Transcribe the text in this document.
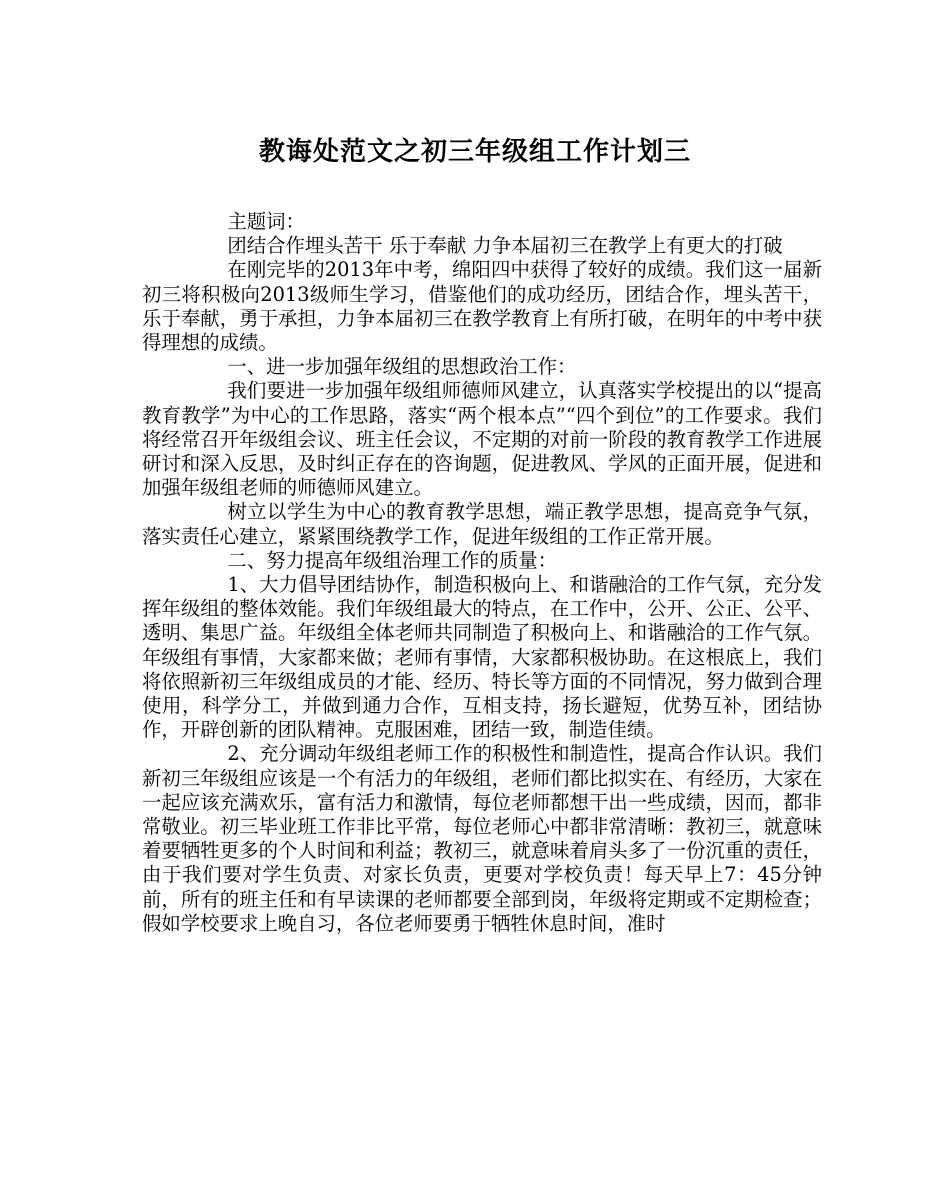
教诲处范文之初三年级组工作计划三

主题词：

团结合作埋头苦干 乐于奉献 力争本届初三在教学上有更大的打破

在刚完毕的2013年中考，绵阳四中获得了较好的成绩。我们这一届新初三将积极向2013级师生学习，借鉴他们的成功经历，团结合作，埋头苦干，乐于奉献，勇于承担，力争本届初三在教学教育上有所打破，在明年的中考中获得理想的成绩。

一、进一步加强年级组的思想政治工作：

我们要进一步加强年级组师德师风建立，认真落实学校提出的以“提高教育教学”为中心的工作思路，落实“两个根本点”“四个到位”的工作要求。我们将经常召开年级组会议、班主任会议，不定期的对前一阶段的教育教学工作进展研讨和深入反思，及时纠正存在的咨询题，促进教风、学风的正面开展，促进和加强年级组老师的师德师风建立。

树立以学生为中心的教育教学思想，端正教学思想，提高竞争气氛，落实责任心建立，紧紧围绕教学工作，促进年级组的工作正常开展。

二、努力提高年级组治理工作的质量：

1、大力倡导团结协作，制造积极向上、和谐融洽的工作气氛，充分发挥年级组的整体效能。我们年级组最大的特点，在工作中，公开、公正、公平、透明、集思广益。年级组全体老师共同制造了积极向上、和谐融洽的工作气氛。年级组有事情，大家都来做；老师有事情，大家都积极协助。在这根底上，我们将依照新初三年级组成员的才能、经历、特长等方面的不同情况，努力做到合理使用，科学分工，并做到通力合作，互相支持，扬长避短，优势互补，团结协作，开辟创新的团队精神。克服困难，团结一致，制造佳绩。

2、充分调动年级组老师工作的积极性和制造性，提高合作认识。我们新初三年级组应该是一个有活力的年级组，老师们都比拟实在、有经历，大家在一起应该充满欢乐，富有活力和激情，每位老师都想干出一些成绩，因而，都非常敬业。初三毕业班工作非比平常，每位老师心中都非常清晰：教初三，就意味着要牺牲更多的个人时间和利益；教初三，就意味着肩头多了一份沉重的责任，由于我们要对学生负责、对家长负责，更要对学校负责！每天早上7：45分钟前，所有的班主任和有早读课的老师都要全部到岗，年级将定期或不定期检查；假如学校要求上晚自习，各位老师要勇于牺牲休息时间，准时
